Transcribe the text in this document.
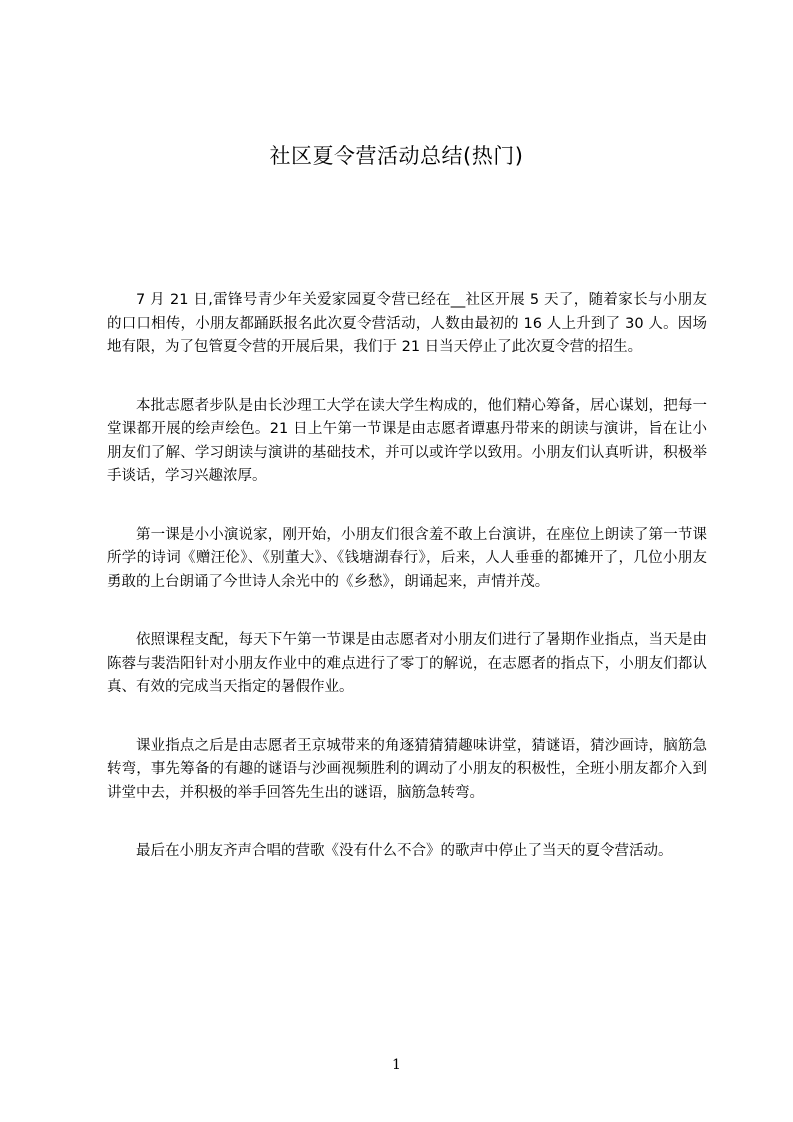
社区夏令营活动总结(热门)

7 月 21 日,雷锋号青少年关爱家园夏令营已经在__社区开展 5 天了，随着家长与小朋友的口口相传，小朋友都踊跃报名此次夏令营活动，人数由最初的 16 人上升到了 30 人。因场地有限，为了包管夏令营的开展后果，我们于 21 日当天停止了此次夏令营的招生。

本批志愿者步队是由长沙理工大学在读大学生构成的，他们精心筹备，居心谋划，把每一堂课都开展的绘声绘色。21 日上午第一节课是由志愿者谭惠丹带来的朗读与演讲，旨在让小朋友们了解、学习朗读与演讲的基础技术，并可以或许学以致用。小朋友们认真听讲，积极举手谈话，学习兴趣浓厚。

第一课是小小演说家，刚开始，小朋友们很含羞不敢上台演讲，在座位上朗读了第一节课所学的诗词《赠汪伦》、《别董大》、《钱塘湖春行》，后来，人人垂垂的都摊开了，几位小朋友勇敢的上台朗诵了今世诗人余光中的《乡愁》，朗诵起来，声情并茂。

依照课程支配，每天下午第一节课是由志愿者对小朋友们进行了暑期作业指点，当天是由陈蓉与裴浩阳针对小朋友作业中的难点进行了零丁的解说，在志愿者的指点下，小朋友们都认真、有效的完成当天指定的暑假作业。

课业指点之后是由志愿者王京城带来的角逐猜猜猜趣味讲堂，猜谜语，猜沙画诗，脑筋急转弯，事先筹备的有趣的谜语与沙画视频胜利的调动了小朋友的积极性，全班小朋友都介入到讲堂中去，并积极的举手回答先生出的谜语，脑筋急转弯。

最后在小朋友齐声合唱的营歌《没有什么不合》的歌声中停止了当天的夏令营活动。

1
